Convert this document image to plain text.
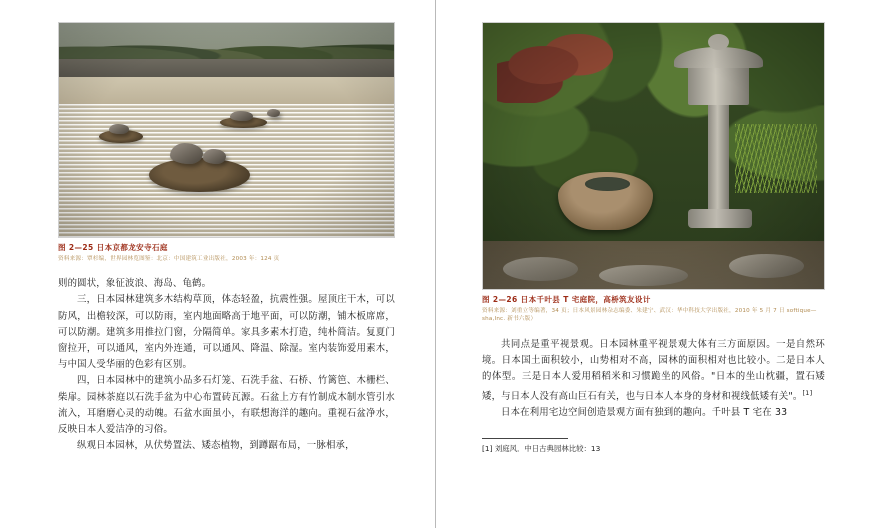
图 2—25 日本京都龙安寺石庭
资料来源：覃杉编，世界园林览图鉴：北京：中国建筑工业出版社，2003 年：124 页

则的圆状，象征波浪、海岛、龟鹤。

三，日本园林建筑多木结构草顶，体态轻盈，抗震性强。屋顶庄干木，可以防风，出檐较深，可以防雨，室内地面略高于地平面，可以防潮，铺木板席席，可以防潮。建筑多用推拉门窗，分隔简单。家具多素木打造，纯朴简洁。复夏门窗拉开，可以通风，室内外连通，可以通风、降温、除湿。室内装饰爱用素木，与中国人受华丽的色彩有区别。

四，日本园林中的建筑小品多石灯笼、石洗手盆、石桥、竹篱笆、木栅栏、柴扉。园林茶庭以石洗手盆为中心布置砖瓦源。石盆上方有竹制成木制水管引水流入，耳磨磨心灵的动魄。石盆水面虽小，有联想海洋的趣向。重视石盆净水，反映日本人爱洁净的习俗。

纵观日本园林，从伏势置法、矮态植物，到蹲踞布局，一脉相承，

图 2—26 日本千叶县 T 宅庭院，高桥筑友设计
资料来源：刘重立等编著，34 页；日本风景园林杂志编委、朱建宁、武汉：华中科技大学出版社，2010 年 5 月 7 日 softique—sha,Inc. 新书六版）

共同点是重平视景观。日本园林重平视景观大体有三方面原因。一是自然环境。日本国土面积较小，山势相对不高，园林的面积相对也比较小。二是日本人的体型。三是日本人爱用稻稻米和习惯跪坐的风俗。"日本的坐山枕疆，置石矮矮，与日本人没有高山巨石有关，也与日本人本身的身材和视线低矮有关"。[1]

日本在利用宅边空间创造景观方面有独到的趣向。千叶县 T 宅在 33

[1] 刘庭风．中日古典园林比较：13
